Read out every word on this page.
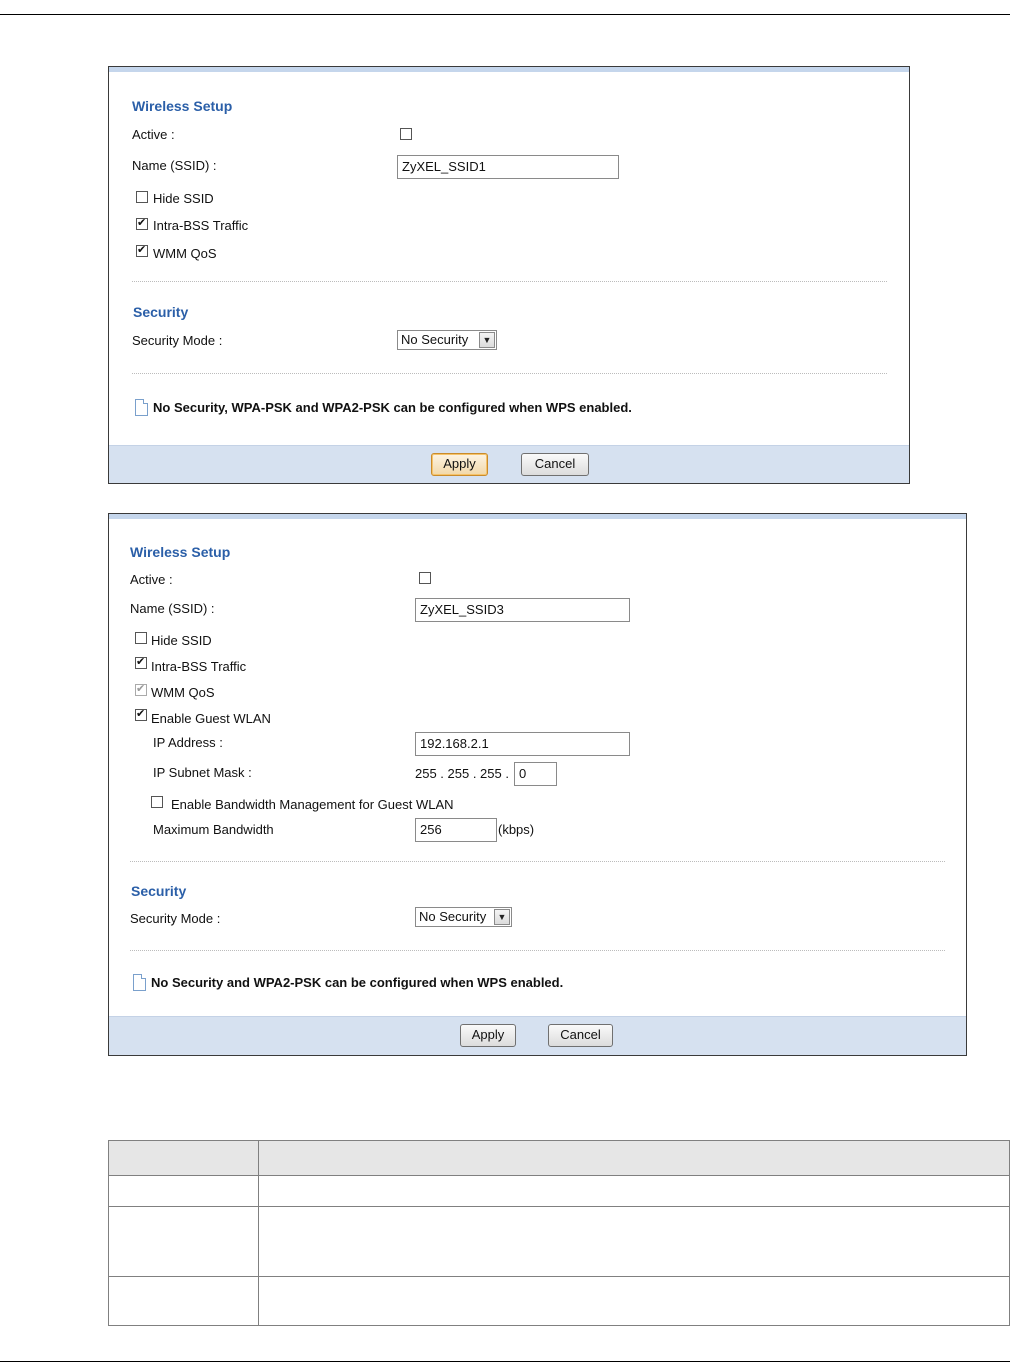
Wireless Setup
Active :
Name (SSID) :	ZyXEL_SSID1
Hide SSID
✔
Intra-BSS Traffic
✔
WMM QoS
Security
Security Mode :	No Security	▼
No Security, WPA-PSK and WPA2-PSK can be configured when WPS enabled.
Apply	Cancel
Wireless Setup
Active :
Name (SSID) :	ZyXEL_SSID3
Hide SSID
✔
Intra-BSS Traffic
✔
WMM QoS
✔
Enable Guest WLAN
IP Address :	192.168.2.1
IP Subnet Mask :	255 . 255 . 255 . 0
Enable Bandwidth Management for Guest WLAN
Maximum Bandwidth	256	(kbps)
Security
Security Mode :	No Security	▼
No Security and WPA2-PSK can be configured when WPS enabled.
Apply	Cancel
